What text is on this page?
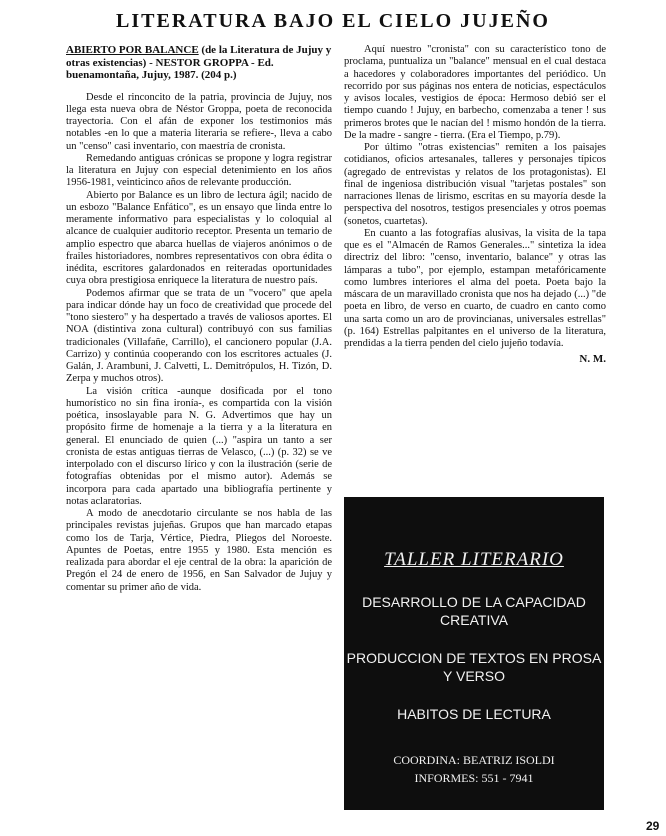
LITERATURA BAJO EL CIELO JUJEÑO

ABIERTO POR BALANCE (de la Literatura de Jujuy y otras existencias) - NESTOR GROPPA - Ed. buenamontaña, Jujuy, 1987. (204 p.)

Desde el rinconcito de la patria, provincia de Jujuy, nos llega esta nueva obra de Néstor Groppa, poeta de reconocida trayectoria. Con el afán de exponer los testimonios más notables -en lo que a materia literaria se refiere-, lleva a cabo un "censo" casi inventario, con maestría de cronista.

Remedando antiguas crónicas se propone y logra registrar la literatura en Jujuy con especial detenimiento en los años 1956-1981, veinticinco años de relevante producción.

Abierto por Balance es un libro de lectura ágil; nacido de un esbozo "Balance Enfático", es un ensayo que linda entre lo meramente informativo para especialistas y lo coloquial al alcance de cualquier auditorio receptor. Presenta un temario de amplio espectro que abarca huellas de viajeros anónimos o de frailes historiadores, nombres representativos con obra édita o inédita, escritores galardonados en reiteradas oportunidades cuya obra prestigiosa enriquece la literatura de nuestro país.

Podemos afirmar que se trata de un "vocero" que apela para indicar dónde hay un foco de creatividad que procede del "tono siestero" y ha despertado a través de valiosos aportes. El NOA (distintiva zona cultural) contribuyó con sus familias tradicionales (Villafañe, Carrillo), el cancionero popular (J.A. Carrizo) y continúa cooperando con los escritores actuales (J. Galán, J. Arambuni, J. Calvetti, L. Demitrópulos, H. Tizón, D. Zerpa y muchos otros).

La visión crítica -aunque dosificada por el tono humorístico no sin fina ironía-, es compartida con la visión poética, insoslayable para N. G. Advertimos que hay un propósito firme de homenaje a la tierra y a la literatura en general. El enunciado de quien (...) "aspira un tanto a ser cronista de estas antiguas tierras de Velasco, (...) (p. 32) se ve interpolado con el discurso lírico y con la ilustración (serie de fotografías obtenidas por el mismo autor). Además se incorpora para cada apartado una bibliografía pertinente y notas aclaratorias.

A modo de anecdotario circulante se nos habla de las principales revistas jujeñas. Grupos que han marcado etapas como los de Tarja, Vértice, Piedra, Pliegos del Noroeste. Apuntes de Poetas, entre 1955 y 1980. Esta mención es realizada para abordar el eje central de la obra: la aparición de Pregón el 24 de enero de 1956, en San Salvador de Jujuy y comentar su primer año de vida.

Aquí nuestro "cronista" con su característico tono de proclama, puntualiza un "balance" mensual en el cual destaca a hacedores y colaboradores importantes del periódico. Un recorrido por sus páginas nos entera de noticias, espectáculos y avisos locales, vestigios de época: Hermoso debió ser el tiempo cuando ! Jujuy, en barbecho, comenzaba a tener ! sus primeros brotes que le nacían del ! mismo hondón de la tierra. De la madre - sangre - tierra. (Era el Tiempo, p.79).

Por último "otras existencias" remiten a los paisajes cotidianos, oficios artesanales, talleres y personajes típicos (agregado de entrevistas y relatos de los protagonistas). El final de ingeniosa distribución visual "tarjetas postales" son narraciones llenas de lirismo, escritas en su mayoría desde la perspectiva del nosotros, testigos presenciales y otros poemas (sonetos, cuartetas).

En cuanto a las fotografías alusivas, la visita de la tapa que es el "Almacén de Ramos Generales..." sintetiza la idea directriz del libro: "censo, inventario, balance" y otras las lámparas a tubo", por ejemplo, estampan metafóricamente como lumbres interiores el alma del poeta. Poeta bajo la máscara de un maravillado cronista que nos ha dejado (...) "de poeta en libro, de verso en cuarto, de cuadro en canto como una sarta como un aro de provincianas, universales estrellas" (p. 164) Estrellas palpitantes en el universo de la literatura, prendidas a la tierra penden del cielo jujeño todavía.

N. M.

TALLER LITERARIO
DESARROLLO DE LA CAPACIDAD CREATIVA
PRODUCCION DE TEXTOS EN PROSA Y VERSO
HABITOS DE LECTURA
COORDINA: BEATRIZ ISOLDI
INFORMES: 551 - 7941
29
